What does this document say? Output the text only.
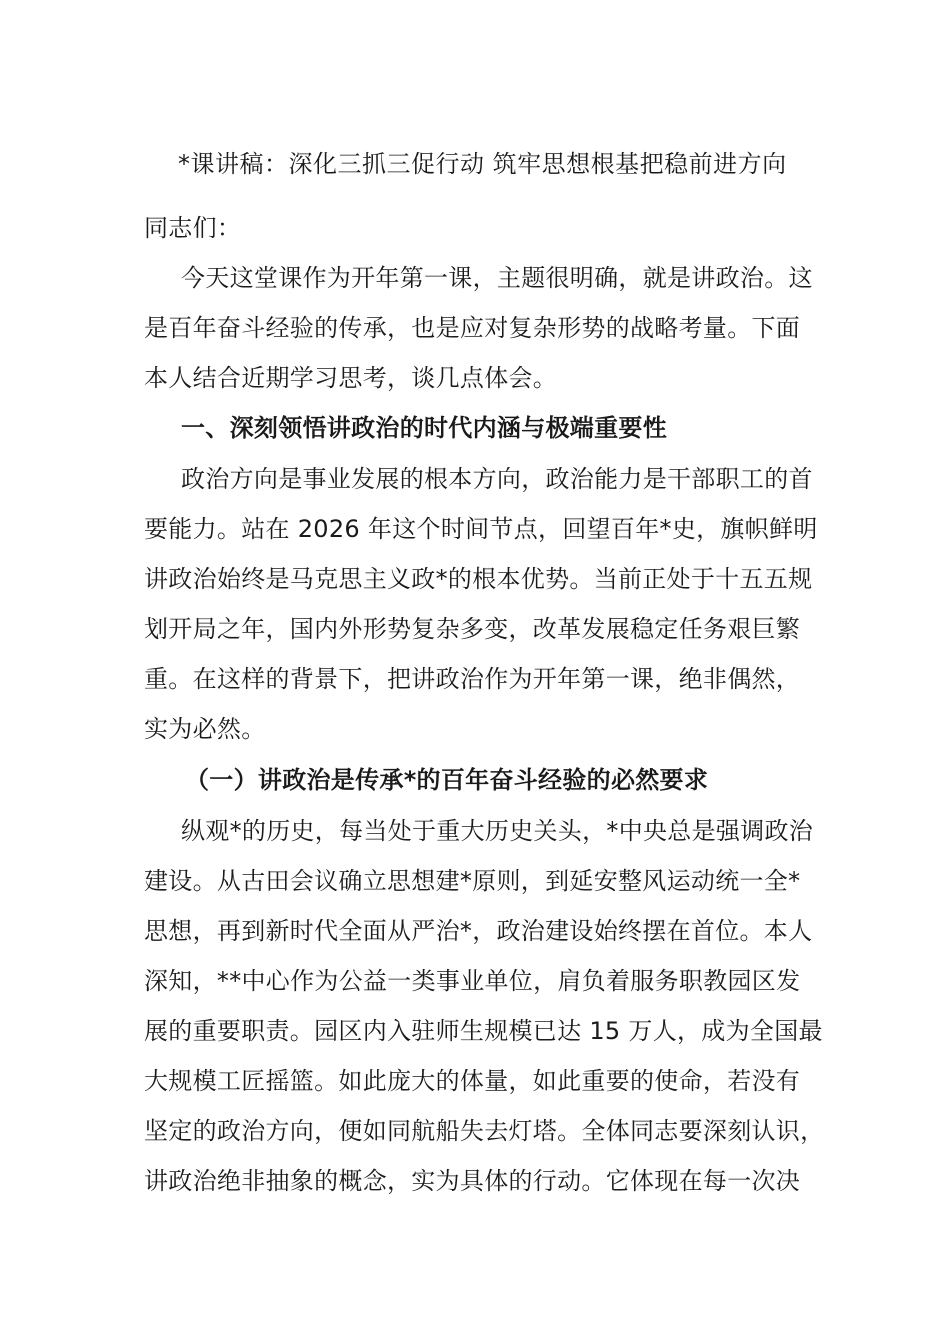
*课讲稿：深化三抓三促行动 筑牢思想根基把稳前进方向
同志们：
今天这堂课作为开年第一课，主题很明确，就是讲政治。这
是百年奋斗经验的传承，也是应对复杂形势的战略考量。下面
本人结合近期学习思考，谈几点体会。
一、深刻领悟讲政治的时代内涵与极端重要性
政治方向是事业发展的根本方向，政治能力是干部职工的首
要能力。站在 2026 年这个时间节点，回望百年*史，旗帜鲜明
讲政治始终是马克思主义政*的根本优势。当前正处于十五五规
划开局之年，国内外形势复杂多变，改革发展稳定任务艰巨繁
重。在这样的背景下，把讲政治作为开年第一课，绝非偶然，
实为必然。
（一）讲政治是传承*的百年奋斗经验的必然要求
纵观*的历史，每当处于重大历史关头，*中央总是强调政治
建设。从古田会议确立思想建*原则，到延安整风运动统一全*
思想，再到新时代全面从严治*，政治建设始终摆在首位。本人
深知，**中心作为公益一类事业单位，肩负着服务职教园区发
展的重要职责。园区内入驻师生规模已达 15 万人，成为全国最
大规模工匠摇篮。如此庞大的体量，如此重要的使命，若没有
坚定的政治方向，便如同航船失去灯塔。全体同志要深刻认识，
讲政治绝非抽象的概念，实为具体的行动。它体现在每一次决
